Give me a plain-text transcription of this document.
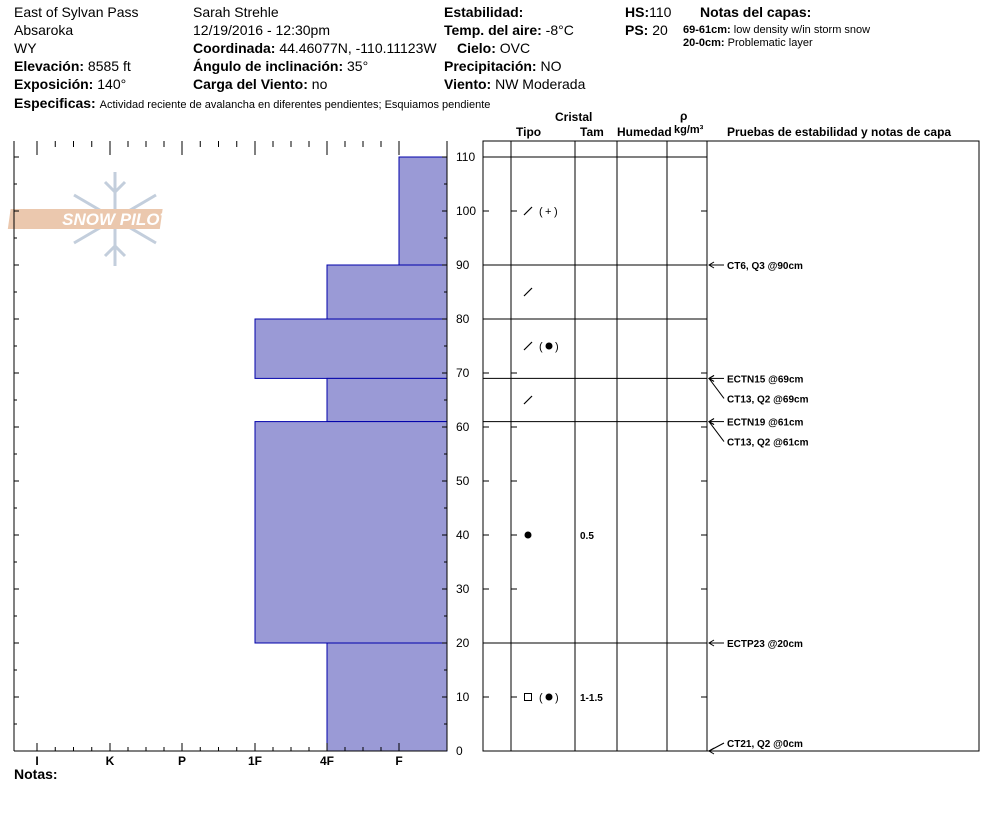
East of Sylvan Pass
Absaroka
WY
Elevación: 8585 ft
Exposición: 140°
Sarah Strehle
12/19/2016 - 12:30pm
Coordinada: 44.46077N, -110.11123W
Ángulo de inclinación: 35°
Carga del Viento: no
Estabilidad:
Temp. del aire: -8°C
Cielo: OVC
Precipitación: NO
Viento: NW Moderada
HS:110
PS: 20
Notas del capas:
69-61cm: low density w/in storm snow
20-0cm: Problematic layer
Especificas: Actividad reciente de avalancha en diferentes pendientes; Esquiamos pendiente
Cristal
Tipo	Tam Humedad
ρ
kg/m³ Pruebas de estabilidad y notas de capa
Notas:
SNOW PILOT
0
10
20
30
40
50
60
70
80
90
100
110
I	K	P	1F	4F	F
( + )
( )
0.5
( ) 1-1.5
CT6, Q3 @90cm
ECTN15 @69cm
CT13, Q2 @69cm
ECTN19 @61cm
CT13, Q2 @61cm
ECTP23 @20cm
CT21, Q2 @0cm
